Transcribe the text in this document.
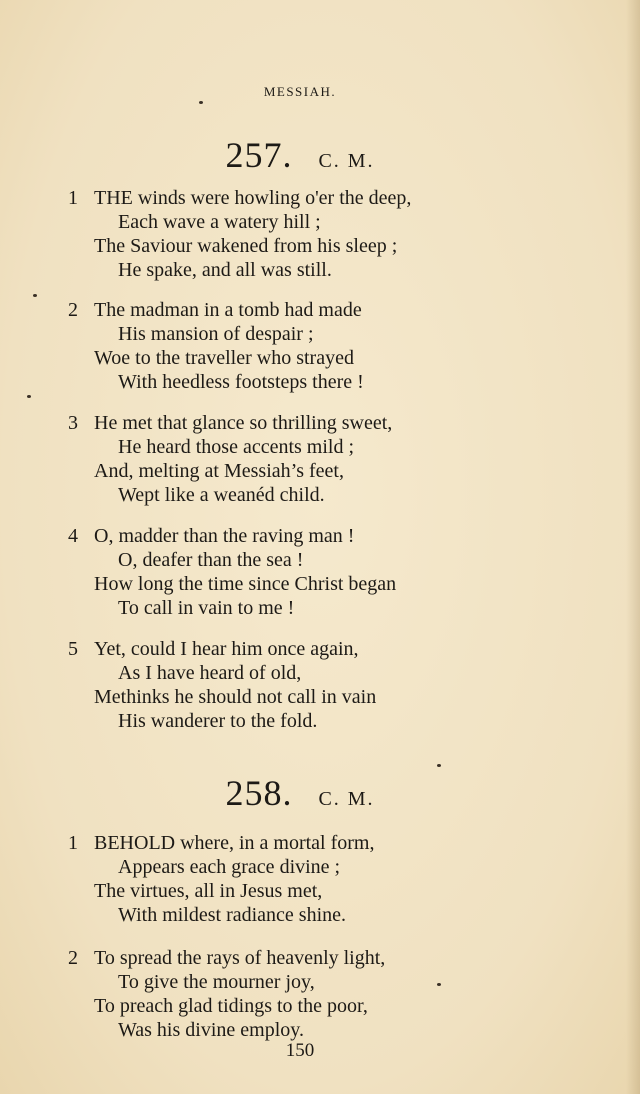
MESSIAH.
257. C. M.
1 THE winds were howling o'er the deep,
Each wave a watery hill ;
The Saviour wakened from his sleep ;
He spake, and all was still.
2 The madman in a tomb had made
His mansion of despair ;
Woe to the traveller who strayed
With heedless footsteps there !
3 He met that glance so thrilling sweet,
He heard those accents mild ;
And, melting at Messiah’s feet,
Wept like a weanéd child.
4 O, madder than the raving man !
O, deafer than the sea !
How long the time since Christ began
To call in vain to me !
5 Yet, could I hear him once again,
As I have heard of old,
Methinks he should not call in vain
His wanderer to the fold.
258. C. M.
1 BEHOLD where, in a mortal form,
Appears each grace divine ;
The virtues, all in Jesus met,
With mildest radiance shine.
2 To spread the rays of heavenly light,
To give the mourner joy,
To preach glad tidings to the poor,
Was his divine employ.
150
